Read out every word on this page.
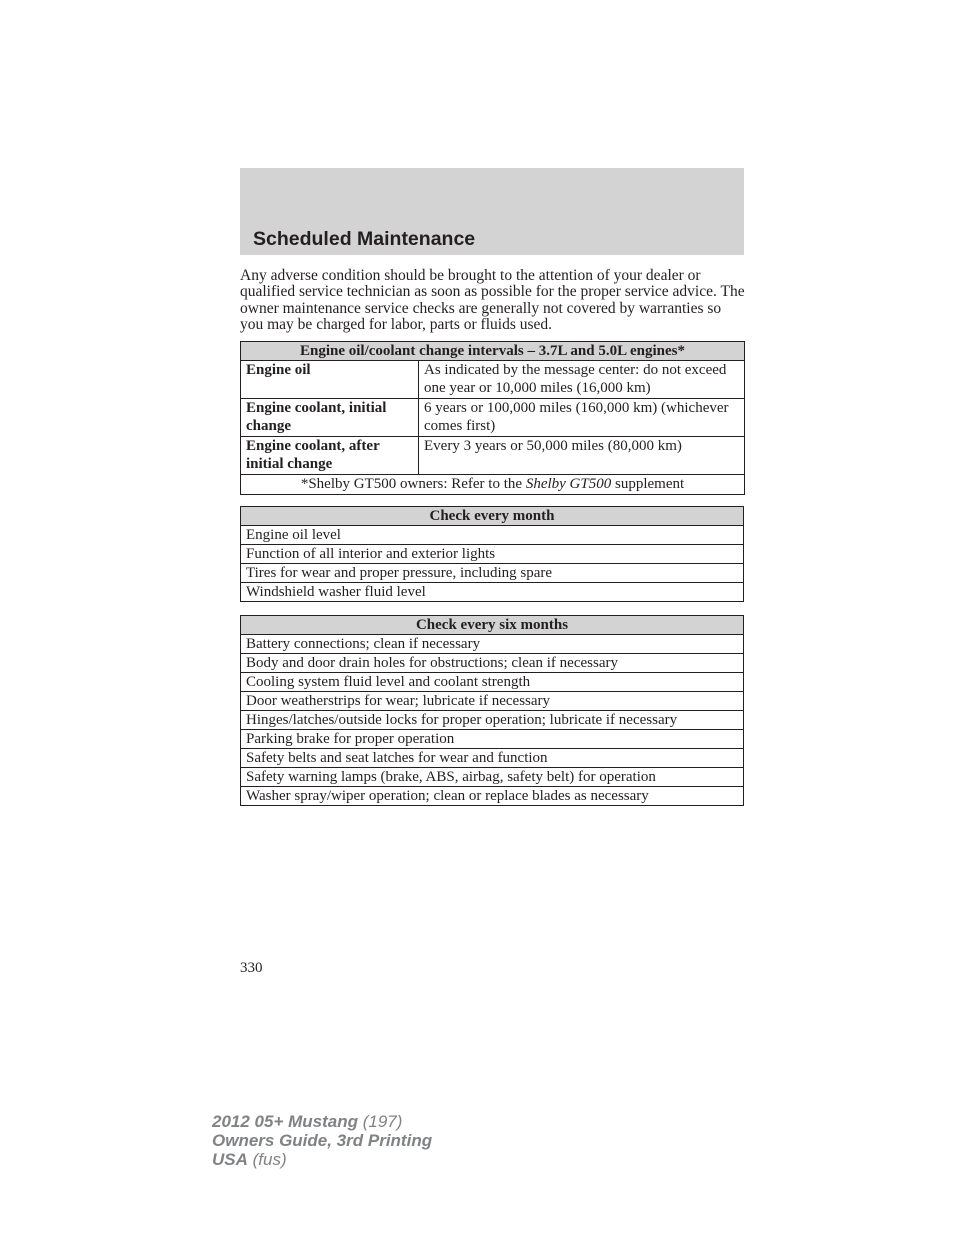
Scheduled Maintenance

Any adverse condition should be brought to the attention of your dealer or qualified service technician as soon as possible for the proper service advice. The owner maintenance service checks are generally not covered by warranties so you may be charged for labor, parts or fluids used.

Engine oil/coolant change intervals – 3.7L and 5.0L engines*	
Engine oil	As indicated by the message center: do not exceed one year or 10,000 miles (16,000 km)
Engine coolant, initial change	6 years or 100,000 miles (160,000 km) (whichever comes first)
Engine coolant, after initial change	Every 3 years or 50,000 miles (80,000 km)
*Shelby GT500 owners: Refer to the Shelby GT500 supplement	
Check every month
Engine oil level
Function of all interior and exterior lights
Tires for wear and proper pressure, including spare
Windshield washer fluid level
Check every six months
Battery connections; clean if necessary
Body and door drain holes for obstructions; clean if necessary
Cooling system fluid level and coolant strength
Door weatherstrips for wear; lubricate if necessary
Hinges/latches/outside locks for proper operation; lubricate if necessary
Parking brake for proper operation
Safety belts and seat latches for wear and function
Safety warning lamps (brake, ABS, airbag, safety belt) for operation
Washer spray/wiper operation; clean or replace blades as necessary
330
2012 05+ Mustang (197)
Owners Guide, 3rd Printing
USA (fus)
